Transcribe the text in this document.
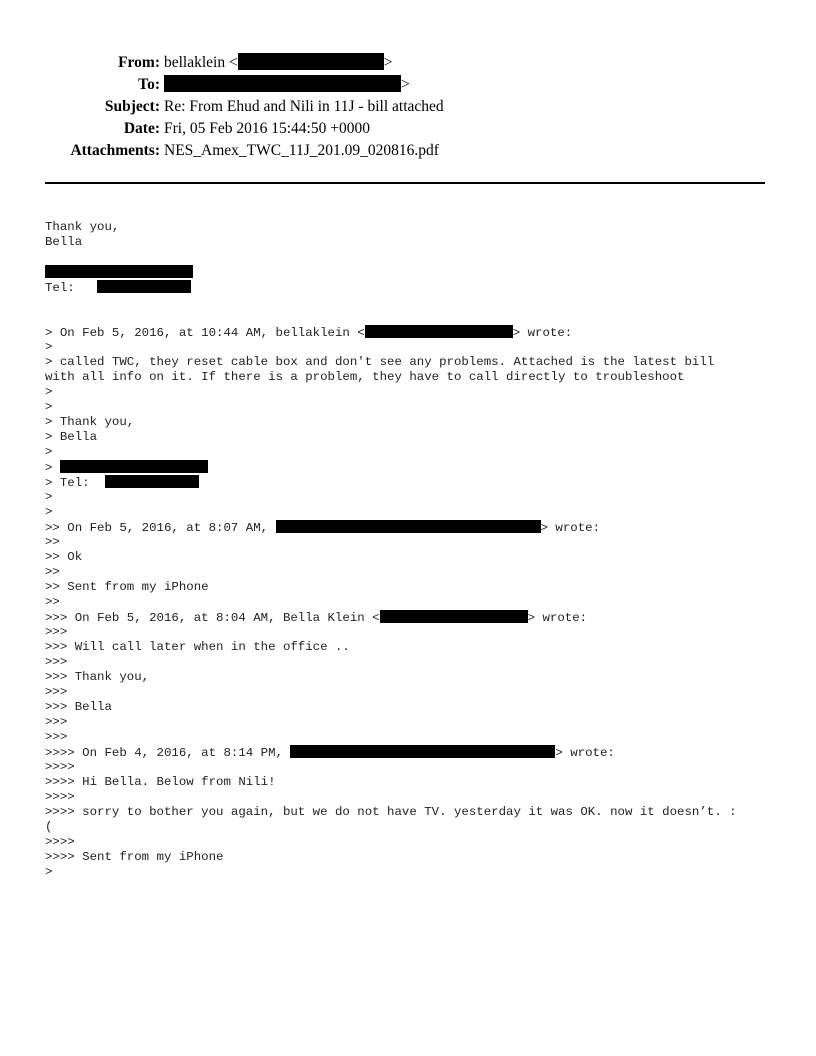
From: bellaklein <	>
To:	>
Subject: Re: From Ehud and Nili in 11J - bill attached
Date: Fri, 05 Feb 2016 15:44:50 +0000
Attachments: NES_Amex_TWC_11J_201.09_020816.pdf
Thank you,
Bella
Tel:
> On Feb 5, 2016, at 10:44 AM, bellaklein <	> wrote:
>
> called TWC, they reset cable box and don't see any problems. Attached is the latest bill
with all info on it. If there is a problem, they have to call directly to troubleshoot
>
>
> Thank you,
> Bella
>
>
> Tel:
>
>
>> On Feb 5, 2016, at 8:07 AM,	> wrote:
>>
>> Ok
>>
>> Sent from my iPhone
>>
>>> On Feb 5, 2016, at 8:04 AM, Bella Klein <	> wrote:
>>>
>>> Will call later when in the office ..
>>>
>>> Thank you,
>>>
>>> Bella
>>>
>>>
>>>> On Feb 4, 2016, at 8:14 PM,	> wrote:
>>>>
>>>> Hi Bella. Below from Nili!
>>>>
>>>> sorry to bother you again, but we do not have TV. yesterday it was OK. now it doesn’t. :
(
>>>>
>>>> Sent from my iPhone
>
